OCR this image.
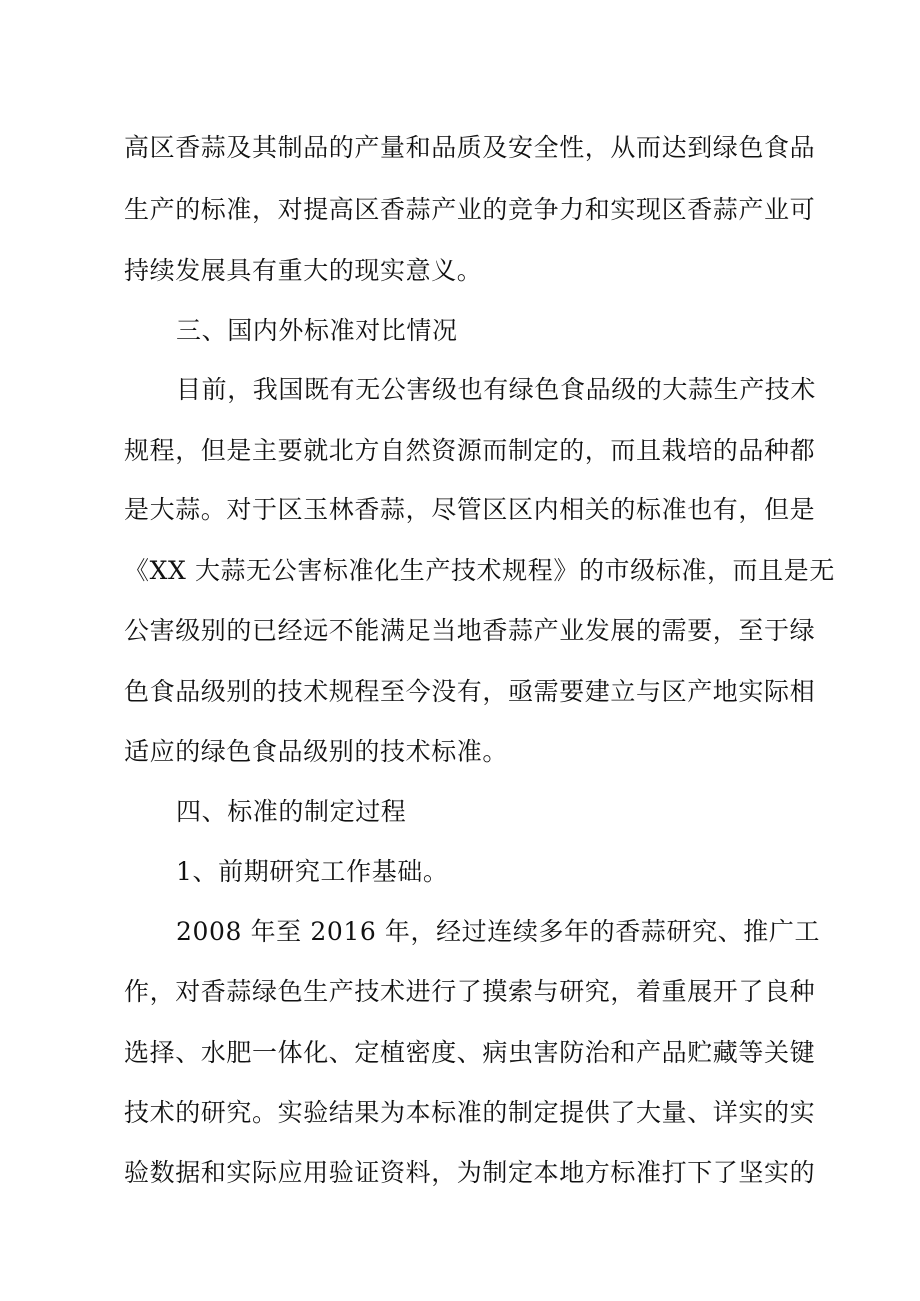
高区香蒜及其制品的产量和品质及安全性，从而达到绿色食品
生产的标准，对提高区香蒜产业的竞争力和实现区香蒜产业可
持续发展具有重大的现实意义。
三、国内外标准对比情况
目前，我国既有无公害级也有绿色食品级的大蒜生产技术
规程，但是主要就北方自然资源而制定的，而且栽培的品种都
是大蒜。对于区玉林香蒜，尽管区区内相关的标准也有，但是
《XX 大蒜无公害标准化生产技术规程》的市级标准，而且是无
公害级别的已经远不能满足当地香蒜产业发展的需要，至于绿
色食品级别的技术规程至今没有，亟需要建立与区产地实际相
适应的绿色食品级别的技术标准。
四、标准的制定过程
1、前期研究工作基础。
2008 年至 2016 年，经过连续多年的香蒜研究、推广工
作，对香蒜绿色生产技术进行了摸索与研究，着重展开了良种
选择、水肥一体化、定植密度、病虫害防治和产品贮藏等关键
技术的研究。实验结果为本标准的制定提供了大量、详实的实
验数据和实际应用验证资料，为制定本地方标准打下了坚实的
